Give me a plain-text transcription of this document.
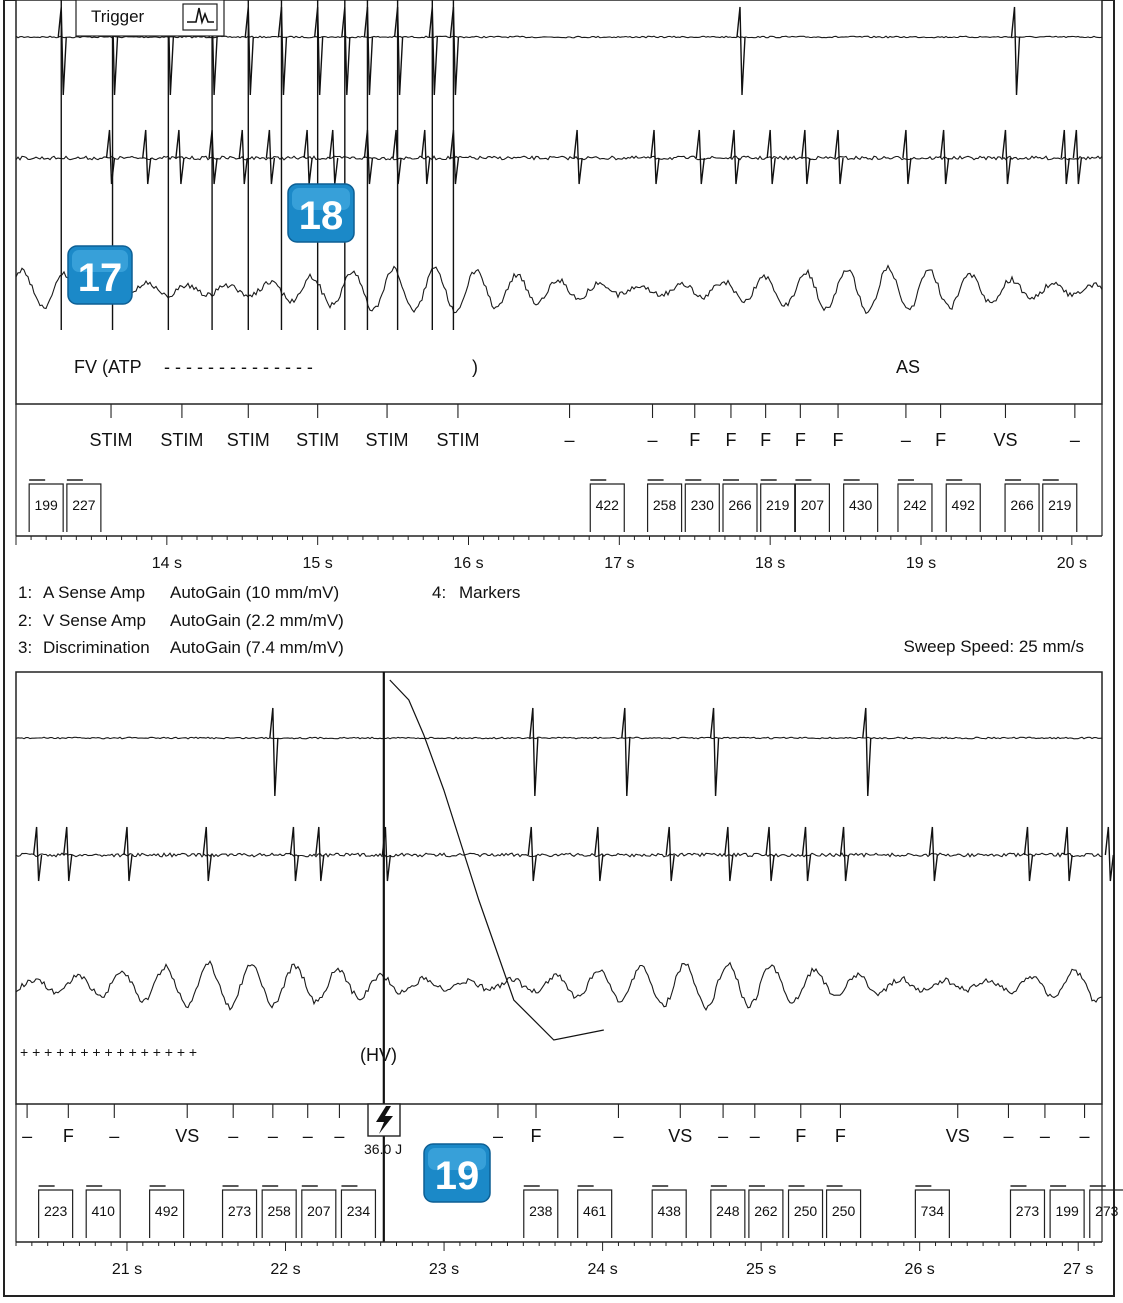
Trigger
FV (ATP - - - - - - - - - - - - - -	)	AS
14 s	15 s	16 s	17 s	18 s	19 s	20 s
STIM STIM STIM STIM STIM STIM	–	– F F F F F	– F	VS	–
199 227	422 258 230 266 219 207 430 242 492	266 219
1: A Sense Amp AutoGain (10 mm/mV)
2: V Sense Amp AutoGain (2.2 mm/mV)
3: Discrimination AutoGain (7.4 mm/mV)
4: Markers
Sweep Speed: 25 mm/s
+ + + + + + + + + + + + + + +	(HV)
36.0 J
21 s	22 s	23 s	24 s	25 s	26 s	27 s
– F –	VS – – – –	– F	– VS – – F F	VS – – –
223 410	492	273 258 207 234	238 461	438	248 262 250 250	734	273 199 273
17
18
19
